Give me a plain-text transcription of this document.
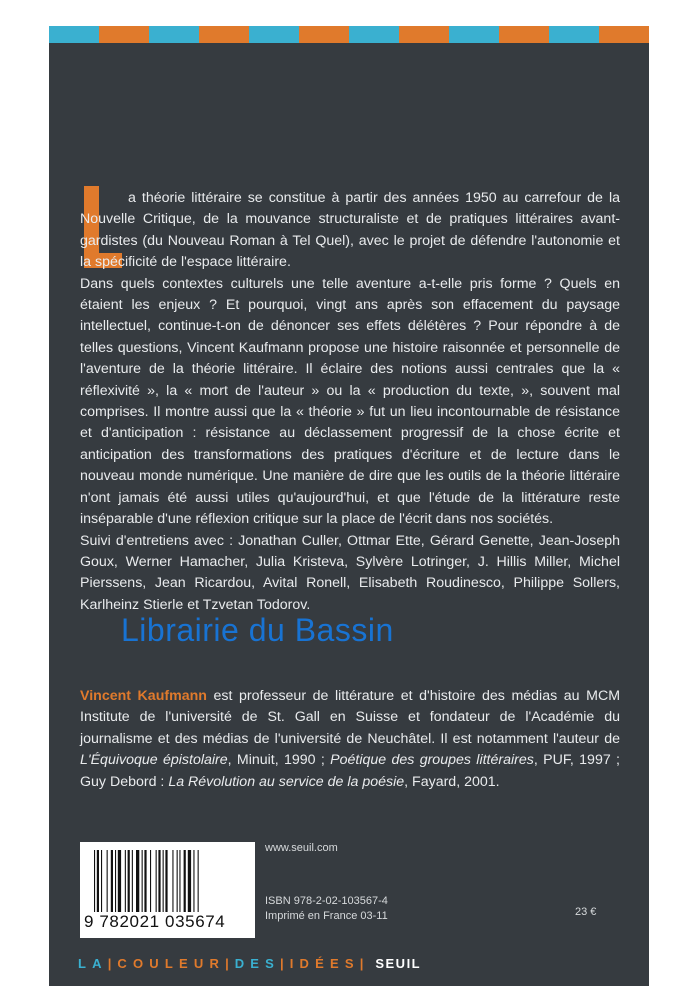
a théorie littéraire se constitue à partir des années 1950 au carrefour de la Nouvelle Critique, de la mouvance structuraliste et de pratiques littéraires avant-gardistes (du Nouveau Roman à Tel Quel), avec le projet de défendre l'autonomie et la spécificité de l'espace littéraire.

Dans quels contextes culturels une telle aventure a-t-elle pris forme ? Quels en étaient les enjeux ? Et pourquoi, vingt ans après son effacement du paysage intellectuel, continue-t-on de dénoncer ses effets délétères ? Pour répondre à de telles questions, Vincent Kaufmann propose une histoire raisonnée et personnelle de l'aventure de la théorie littéraire. Il éclaire des notions aussi centrales que la « réflexivité », la « mort de l'auteur » ou la « production du texte, », souvent mal comprises. Il montre aussi que la « théorie » fut un lieu incontournable de résistance et d'anticipation : résistance au déclassement progressif de la chose écrite et anticipation des transformations des pratiques d'écriture et de lecture dans le nouveau monde numérique. Une manière de dire que les outils de la théorie littéraire n'ont jamais été aussi utiles qu'aujourd'hui, et que l'étude de la littérature reste inséparable d'une réflexion critique sur la place de l'écrit dans nos sociétés.

Suivi d'entretiens avec : Jonathan Culler, Ottmar Ette, Gérard Genette, Jean-Joseph Goux, Werner Hamacher, Julia Kristeva, Sylvère Lotringer, J. Hillis Miller, Michel Pierssens, Jean Ricardou, Avital Ronell, Elisabeth Roudinesco, Philippe Sollers, Karlheinz Stierle et Tzvetan Todorov.

Vincent Kaufmann est professeur de littérature et d'histoire des médias au MCM Institute de l'université de St. Gall en Suisse et fondateur de l'Académie du journalisme et des médias de l'université de Neuchâtel. Il est notamment l'auteur de L'Équivoque épistolaire, Minuit, 1990 ; Poétique des groupes littéraires, PUF, 1997 ; Guy Debord : La Révolution au service de la poésie, Fayard, 2001.

9 782021 035674
www.seuil.com
ISBN 978-2-02-103567-4
Imprimé en France 03-11	23 €
LA | COULEUR | DES | IDÉES | SEUIL
Librairie du Bassin
